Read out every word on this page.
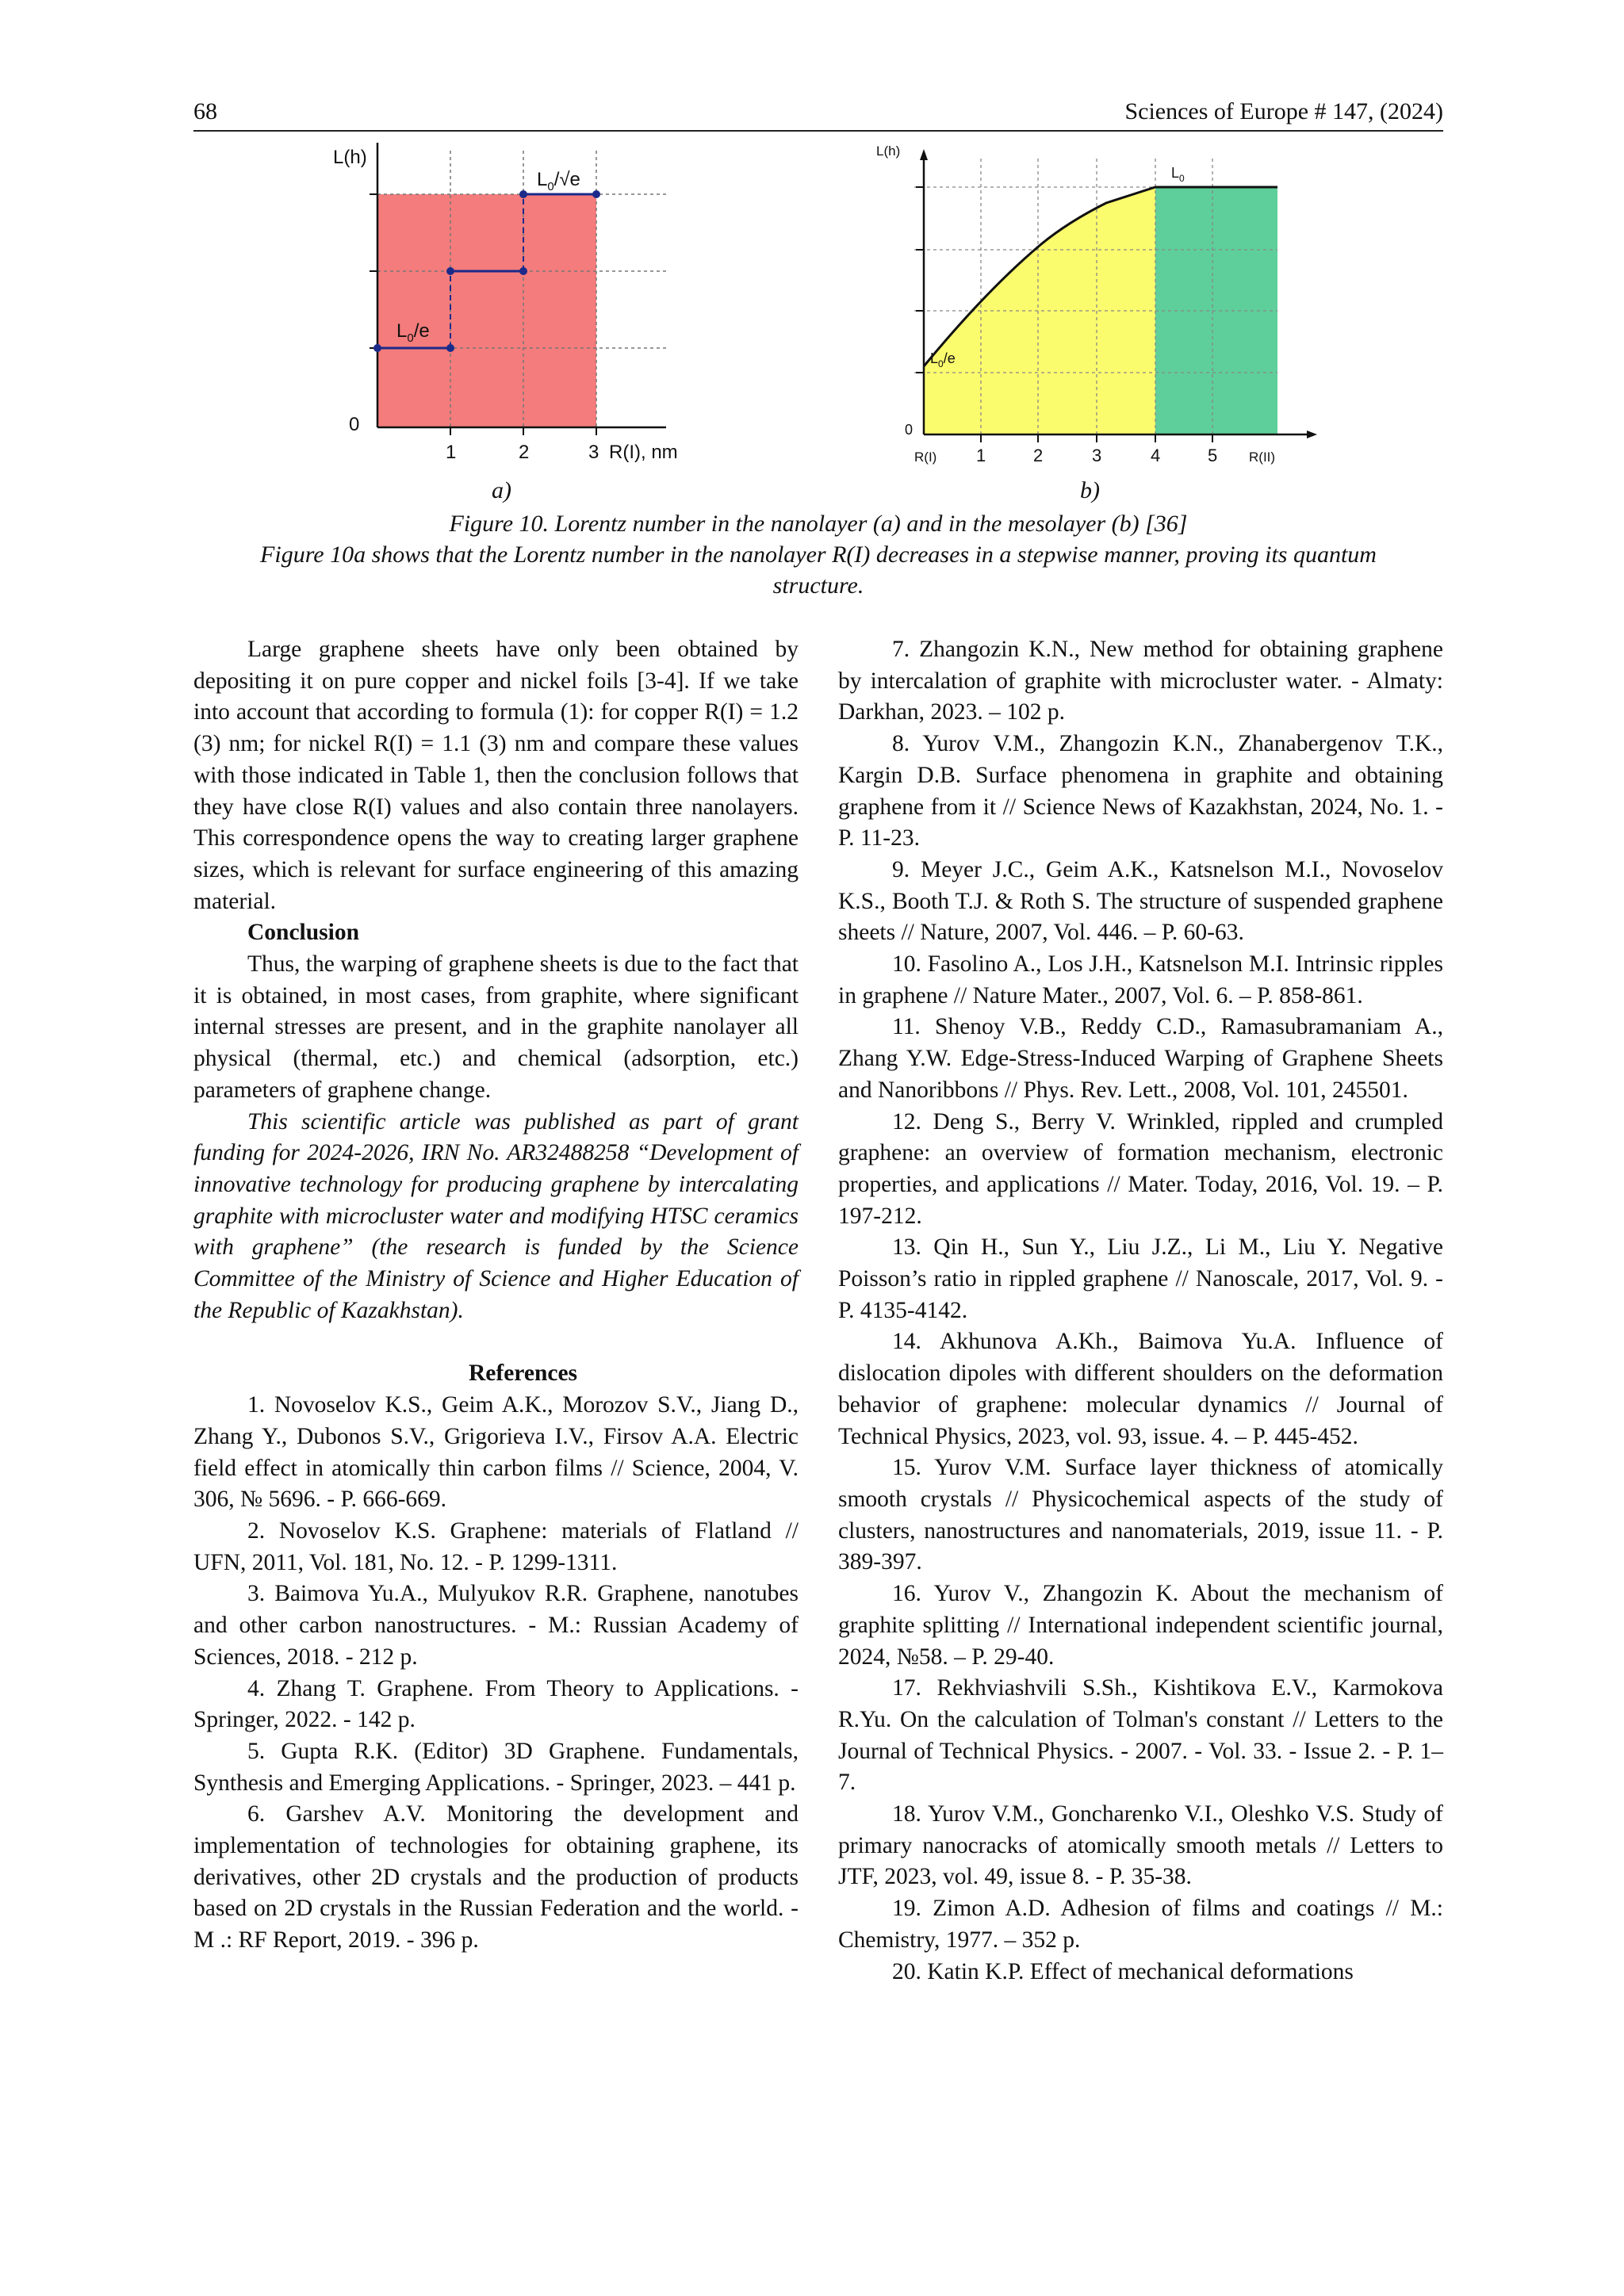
68	Sciences of Europe # 147, (2024)
L(h)
0
1	2	3 R(I), nm
$L_0/e$
$L_0/√e$
L(h)
0
R(I) 1	2	3	4	5 R(II)
$L_0/e$
$L_0$
a)	b)
Figure 10. Lorentz number in the nanolayer (a) and in the mesolayer (b) [36]
Figure 10a shows that the Lorentz number in the nanolayer R(I) decreases in a stepwise manner, proving its quantum structure.

Large graphene sheets have only been obtained by depositing it on pure copper and nickel foils [3-4]. If we take into account that according to formula (1): for copper R(I) = 1.2 (3) nm; for nickel R(I) = 1.1 (3) nm and compare these values with those indicated in Table 1, then the conclusion follows that they have close R(I) values and also contain three nanolayers. This correspondence opens the way to creating larger graphene sizes, which is relevant for surface engineering of this amazing material.

Conclusion

Thus, the warping of graphene sheets is due to the fact that it is obtained, in most cases, from graphite, where significant internal stresses are present, and in the graphite nanolayer all physical (thermal, etc.) and chemical (adsorption, etc.) parameters of graphene change.

This scientific article was published as part of grant funding for 2024-2026, IRN No. AR32488258 “Development of innovative technology for producing graphene by intercalating graphite with microcluster water and modifying HTSC ceramics with graphene” (the research is funded by the Science Committee of the Ministry of Science and Higher Education of the Republic of Kazakhstan).

References

1. Novoselov K.S., Geim A.K., Morozov S.V., Jiang D., Zhang Y., Dubonos S.V., Grigorieva I.V., Firsov A.A. Electric field effect in atomically thin carbon films // Science, 2004, V. 306, № 5696. - P. 666-669.

2. Novoselov K.S. Graphene: materials of Flatland // UFN, 2011, Vol. 181, No. 12. - P. 1299-1311.

3. Baimova Yu.A., Mulyukov R.R. Graphene, nanotubes and other carbon nanostructures. - M.: Russian Academy of Sciences, 2018. - 212 p.

4. Zhang T. Graphene. From Theory to Applications. - Springer, 2022. - 142 p.

5. Gupta R.K. (Editor) 3D Graphene. Fundamentals, Synthesis and Emerging Applications. - Springer, 2023. – 441 p.

6. Garshev A.V. Monitoring the development and implementation of technologies for obtaining graphene, its derivatives, other 2D crystals and the production of products based on 2D crystals in the Russian Federation and the world. - M .: RF Report, 2019. - 396 p.

7. Zhangozin K.N., New method for obtaining graphene by intercalation of graphite with microcluster water. - Almaty: Darkhan, 2023. – 102 p.

8. Yurov V.M., Zhangozin K.N., Zhanabergenov T.K., Kargin D.B. Surface phenomena in graphite and obtaining graphene from it // Science News of Kazakhstan, 2024, No. 1. - P. 11-23.

9. Meyer J.C., Geim A.K., Katsnelson M.I., Novoselov K.S., Booth T.J. & Roth S. The structure of suspended graphene sheets // Nature, 2007, Vol. 446. – P. 60-63.

10. Fasolino A., Los J.H., Katsnelson M.I. Intrinsic ripples in graphene // Nature Mater., 2007, Vol. 6. – P. 858-861.

11. Shenoy V.B., Reddy C.D., Ramasubramaniam A., Zhang Y.W. Edge-Stress-Induced Warping of Graphene Sheets and Nanoribbons // Phys. Rev. Lett., 2008, Vol. 101, 245501.

12. Deng S., Berry V. Wrinkled, rippled and crumpled graphene: an overview of formation mechanism, electronic properties, and applications // Mater. Today, 2016, Vol. 19. – P. 197-212.

13. Qin H., Sun Y., Liu J.Z., Li M., Liu Y. Negative Poisson’s ratio in rippled graphene // Nanoscale, 2017, Vol. 9. - P. 4135-4142.

14. Akhunova A.Kh., Baimova Yu.A. Influence of dislocation dipoles with different shoulders on the deformation behavior of graphene: molecular dynamics // Journal of Technical Physics, 2023, vol. 93, issue. 4. – P. 445-452.

15. Yurov V.M. Surface layer thickness of atomically smooth crystals // Physicochemical aspects of the study of clusters, nanostructures and nanomaterials, 2019, issue 11. - P. 389-397.

16. Yurov V., Zhangozin K. About the mechanism of graphite splitting // International independent scientific journal, 2024, №58. – P. 29-40.

17. Rekhviashvili S.Sh., Kishtikova E.V., Karmokova R.Yu. On the calculation of Tolman's constant // Letters to the Journal of Technical Physics. - 2007. - Vol. 33. - Issue 2. - P. 1–7.

18. Yurov V.M., Goncharenko V.I., Oleshko V.S. Study of primary nanocracks of atomically smooth metals // Letters to JTF, 2023, vol. 49, issue 8. - P. 35-38.

19. Zimon A.D. Adhesion of films and coatings // M.: Chemistry, 1977. – 352 p.

20. Katin K.P. Effect of mechanical deformations
